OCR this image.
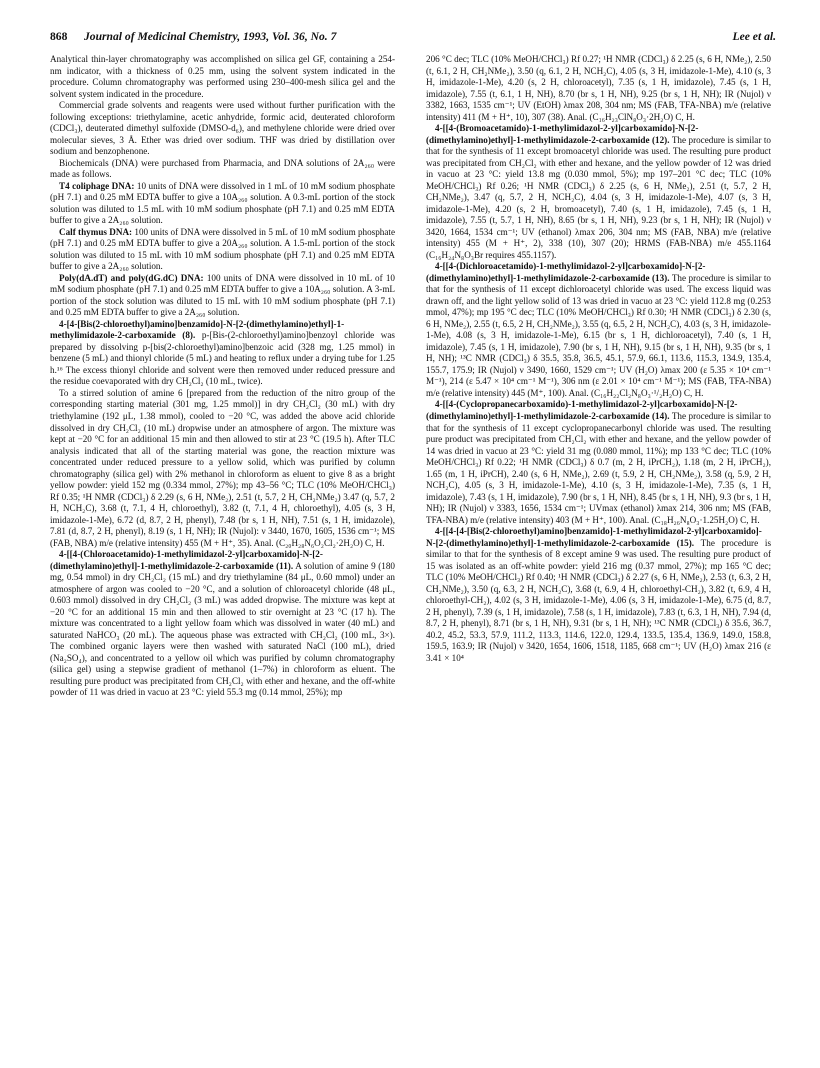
868 Journal of Medicinal Chemistry, 1993, Vol. 36, No. 7	Lee et al.

Analytical thin-layer chromatography was accomplished on silica gel GF, containing a 254-nm indicator, with a thickness of 0.25 mm, using the solvent system indicated in the procedure. Column chromatography was performed using 230–400-mesh silica gel and the solvent system indicated in the procedure.

Commercial grade solvents and reagents were used without further purification with the following exceptions: triethylamine, acetic anhydride, formic acid, deuterated chloroform (CDCl₃), deuterated dimethyl sulfoxide (DMSO-d₆), and methylene chloride were dried over molecular sieves, 3 Å. Ether was dried over sodium. THF was dried by distillation over sodium and benzophenone.

Biochemicals (DNA) were purchased from Pharmacia, and DNA solutions of 2A₂₆₀ were made as follows.

T4 coliphage DNA: 10 units of DNA were dissolved in 1 mL of 10 mM sodium phosphate (pH 7.1) and 0.25 mM EDTA buffer to give a 10A₂₆₀ solution. A 0.3-mL portion of the stock solution was diluted to 1.5 mL with 10 mM sodium phosphate (pH 7.1) and 0.25 mM EDTA buffer to give a 2A₂₆₀ solution.

Calf thymus DNA: 100 units of DNA were dissolved in 5 mL of 10 mM sodium phosphate (pH 7.1) and 0.25 mM EDTA buffer to give a 20A₂₆₀ solution. A 1.5-mL portion of the stock solution was diluted to 15 mL with 10 mM sodium phosphate (pH 7.1) and 0.25 mM EDTA buffer to give a 2A₂₆₀ solution.

Poly(dA.dT) and poly(dG.dC) DNA: 100 units of DNA were dissolved in 10 mL of 10 mM sodium phosphate (pH 7.1) and 0.25 mM EDTA buffer to give a 10A₂₆₀ solution. A 3-mL portion of the stock solution was diluted to 15 mL with 10 mM sodium phosphate (pH 7.1) and 0.25 mM EDTA buffer to give a 2A₂₆₀ solution.

4-[4-[Bis(2-chloroethyl)amino]benzamido]-N-[2-(dimethylamino)ethyl]-1-methylimidazole-2-carboxamide (8). p-[Bis-(2-chloroethyl)amino]benzoyl chloride was prepared by dissolving p-[bis(2-chloroethyl)amino]benzoic acid (328 mg, 1.25 mmol) in benzene (5 mL) and thionyl chloride (5 mL) and heating to reflux under a drying tube for 1.25 h.¹⁶ The excess thionyl chloride and solvent were then removed under reduced pressure and the residue coevaporated with dry CH₂Cl₂ (10 mL, twice).

To a stirred solution of amine 6 [prepared from the reduction of the nitro group of the corresponding starting material (301 mg, 1.25 mmol)] in dry CH₂Cl₂ (30 mL) with dry triethylamine (192 μL, 1.38 mmol), cooled to −20 °C, was added the above acid chloride dissolved in dry CH₂Cl₂ (10 mL) dropwise under an atmosphere of argon. The mixture was kept at −20 °C for an additional 15 min and then allowed to stir at 23 °C (19.5 h). After TLC analysis indicated that all of the starting material was gone, the reaction mixture was concentrated under reduced pressure to a yellow solid, which was purified by column chromatography (silica gel) with 2% methanol in chloroform as eluent to give 8 as a bright yellow powder: yield 152 mg (0.334 mmol, 27%); mp 43–56 °C; TLC (10% MeOH/CHCl₃) Rf 0.35; ¹H NMR (CDCl₃) δ 2.29 (s, 6 H, NMe₂), 2.51 (t, 5.7, 2 H, CH₂NMe₂) 3.47 (q, 5.7, 2 H, NCH₂C), 3.68 (t, 7.1, 4 H, chloroethyl), 3.82 (t, 7.1, 4 H, chloroethyl), 4.05 (s, 3 H, imidazole-1-Me), 6.72 (d, 8.7, 2 H, phenyl), 7.48 (br s, 1 H, NH), 7.51 (s, 1 H, imidazole), 7.81 (d, 8.7, 2 H, phenyl), 8.19 (s, 1 H, NH); IR (Nujol): ν 3440, 1670, 1605, 1536 cm⁻¹; MS (FAB, NBA) m/e (relative intensity) 455 (M + H⁺, 35). Anal. (C₂₀H₂₈N₆O₂Cl₂·2H₂O) C, H.

4-[[4-(Chloroacetamido)-1-methylimidazol-2-yl]carboxamido]-N-[2-(dimethylamino)ethyl]-1-methylimidazole-2-carboxamide (11). A solution of amine 9 (180 mg, 0.54 mmol) in dry CH₂Cl₂ (15 mL) and dry triethylamine (84 μL, 0.60 mmol) under an atmosphere of argon was cooled to −20 °C, and a solution of chloroacetyl chloride (48 μL, 0.603 mmol) dissolved in dry CH₂Cl₂ (3 mL) was added dropwise. The mixture was kept at −20 °C for an additional 15 min and then allowed to stir overnight at 23 °C (17 h). The mixture was concentrated to a light yellow foam which was dissolved in water (40 mL) and saturated NaHCO₃ (20 mL). The aqueous phase was extracted with CH₂Cl₂ (100 mL, 3×). The combined organic layers were then washed with saturated NaCl (100 mL), dried (Na₂SO₄), and concentrated to a yellow oil which was purified by column chromatography (silica gel) using a stepwise gradient of methanol (1–7%) in chloroform as eluent. The resulting pure product was precipitated from CH₂Cl₂ with ether and hexane, and the off-white powder of 11 was dried in vacuo at 23 °C: yield 55.3 mg (0.14 mmol, 25%); mp

206 °C dec; TLC (10% MeOH/CHCl₃) Rf 0.27; ¹H NMR (CDCl₃) δ 2.25 (s, 6 H, NMe₂), 2.50 (t, 6.1, 2 H, CH₂NMe₂), 3.50 (q, 6.1, 2 H, NCH₂C), 4.05 (s, 3 H, imidazole-1-Me), 4.10 (s, 3 H, imidazole-1-Me), 4.20 (s, 2 H, chloroacetyl), 7.35 (s, 1 H, imidazole), 7.45 (s, 1 H, imidazole), 7.55 (t, 6.1, 1 H, NH), 8.70 (br s, 1 H, NH), 9.25 (br s, 1 H, NH); IR (Nujol) ν 3382, 1663, 1535 cm⁻¹; UV (EtOH) λmax 208, 304 nm; MS (FAB, TFA-NBA) m/e (relative intensity) 411 (M + H⁺, 10), 307 (38). Anal. (C₁₆H₂₃ClN₈O₃·2H₂O) C, H.

4-[[4-(Bromoacetamido)-1-methylimidazol-2-yl]carboxamido]-N-[2-(dimethylamino)ethyl]-1-methylimidazole-2-carboxamide (12). The procedure is similar to that for the synthesis of 11 except bromoacetyl chloride was used. The resulting pure product was precipitated from CH₂Cl₂ with ether and hexane, and the yellow powder of 12 was dried in vacuo at 23 °C: yield 13.8 mg (0.030 mmol, 5%); mp 197–201 °C dec; TLC (10% MeOH/CHCl₃) Rf 0.26; ¹H NMR (CDCl₃) δ 2.25 (s, 6 H, NMe₂), 2.51 (t, 5.7, 2 H, CH₂NMe₂), 3.47 (q, 5.7, 2 H, NCH₂C), 4.04 (s, 3 H, imidazole-1-Me), 4.07 (s, 3 H, imidazole-1-Me), 4.20 (s, 2 H, bromoacetyl), 7.40 (s, 1 H, imidazole), 7.45 (s, 1 H, imidazole), 7.55 (t, 5.7, 1 H, NH), 8.65 (br s, 1 H, NH), 9.23 (br s, 1 H, NH); IR (Nujol) ν 3420, 1664, 1534 cm⁻¹; UV (ethanol) λmax 206, 304 nm; MS (FAB, NBA) m/e (relative intensity) 455 (M + H⁺, 2), 338 (10), 307 (20); HRMS (FAB-NBA) m/e 455.1164 (C₁₆H₂₄N₈O₃Br requires 455.1157).

4-[[4-(Dichloroacetamido)-1-methylimidazol-2-yl]carboxamido]-N-[2-(dimethylamino)ethyl]-1-methylimidazole-2-carboxamide (13). The procedure is similar to that for the synthesis of 11 except dichloroacetyl chloride was used. The excess liquid was drawn off, and the light yellow solid of 13 was dried in vacuo at 23 °C: yield 112.8 mg (0.253 mmol, 47%); mp 195 °C dec; TLC (10% MeOH/CHCl₃) Rf 0.30; ¹H NMR (CDCl₃) δ 2.30 (s, 6 H, NMe₂), 2.55 (t, 6.5, 2 H, CH₂NMe₂), 3.55 (q, 6.5, 2 H, NCH₂C), 4.03 (s, 3 H, imidazole-1-Me), 4.08 (s, 3 H, imidazole-1-Me), 6.15 (br s, 1 H, dichloroacetyl), 7.40 (s, 1 H, imidazole), 7.45 (s, 1 H, imidazole), 7.90 (br s, 1 H, NH), 9.15 (br s, 1 H, NH), 9.35 (br s, 1 H, NH); ¹³C NMR (CDCl₃) δ 35.5, 35.8, 36.5, 45.1, 57.9, 66.1, 113.6, 115.3, 134.9, 135.4, 155.7, 175.9; IR (Nujol) ν 3490, 1660, 1529 cm⁻¹; UV (H₂O) λmax 200 (ε 5.35 × 10⁴ cm⁻¹ M⁻¹), 214 (ε 5.47 × 10⁴ cm⁻¹ M⁻¹), 306 nm (ε 2.01 × 10⁴ cm⁻¹ M⁻¹); MS (FAB, TFA-NBA) m/e (relative intensity) 445 (M⁺, 100). Anal. (C₁₆H₂₂Cl₂N₈O₃·¹/₂H₂O) C, H.

4-[[4-(Cyclopropanecarboxamido)-1-methylimidazol-2-yl]carboxamido]-N-[2-(dimethylamino)ethyl]-1-methylimidazole-2-carboxamide (14). The procedure is similar to that for the synthesis of 11 except cyclopropanecarbonyl chloride was used. The resulting pure product was precipitated from CH₂Cl₂ with ether and hexane, and the yellow powder of 14 was dried in vacuo at 23 °C: yield 31 mg (0.080 mmol, 11%); mp 133 °C dec; TLC (10% MeOH/CHCl₃) Rf 0.22; ¹H NMR (CDCl₃) δ 0.7 (m, 2 H, iPrCH₂), 1.18 (m, 2 H, iPrCH₂), 1.65 (m, 1 H, iPrCH), 2.40 (s, 6 H, NMe₂), 2.69 (t, 5.9, 2 H, CH₂NMe₂), 3.58 (q, 5.9, 2 H, NCH₂C), 4.05 (s, 3 H, imidazole-1-Me), 4.10 (s, 3 H, imidazole-1-Me), 7.35 (s, 1 H, imidazole), 7.43 (s, 1 H, imidazole), 7.90 (br s, 1 H, NH), 8.45 (br s, 1 H, NH), 9.3 (br s, 1 H, NH); IR (Nujol) ν 3383, 1656, 1534 cm⁻¹; UVmax (ethanol) λmax 214, 306 nm; MS (FAB, TFA-NBA) m/e (relative intensity) 403 (M + H⁺, 100). Anal. (C₁₈H₂₆N₈O₃·1.25H₂O) C, H.

4-[[4-[4-[Bis(2-chloroethyl)amino]benzamido]-1-methylimidazol-2-yl]carboxamido]-N-[2-(dimethylamino)ethyl]-1-methylimidazole-2-carboxamide (15). The procedure is similar to that for the synthesis of 8 except amine 9 was used. The resulting pure product of 15 was isolated as an off-white powder: yield 216 mg (0.37 mmol, 27%); mp 165 °C dec; TLC (10% MeOH/CHCl₃) Rf 0.40; ¹H NMR (CDCl₃) δ 2.27 (s, 6 H, NMe₂), 2.53 (t, 6.3, 2 H, CH₂NMe₂), 3.50 (q, 6.3, 2 H, NCH₂C), 3.68 (t, 6.9, 4 H, chloroethyl-CH₂), 3.82 (t, 6.9, 4 H, chloroethyl-CH₂), 4.02 (s, 3 H, imidazole-1-Me), 4.06 (s, 3 H, imidazole-1-Me), 6.75 (d, 8.7, 2 H, phenyl), 7.39 (s, 1 H, imidazole), 7.58 (s, 1 H, imidazole), 7.83 (t, 6.3, 1 H, NH), 7.94 (d, 8.7, 2 H, phenyl), 8.71 (br s, 1 H, NH), 9.31 (br s, 1 H, NH); ¹³C NMR (CDCl₃) δ 35.6, 36.7, 40.2, 45.2, 53.3, 57.9, 111.2, 113.3, 114.6, 122.0, 129.4, 133.5, 135.4, 136.9, 149.0, 158.8, 159.5, 163.9; IR (Nujol) ν 3420, 1654, 1606, 1518, 1185, 668 cm⁻¹; UV (H₂O) λmax 216 (ε 3.41 × 10⁴
